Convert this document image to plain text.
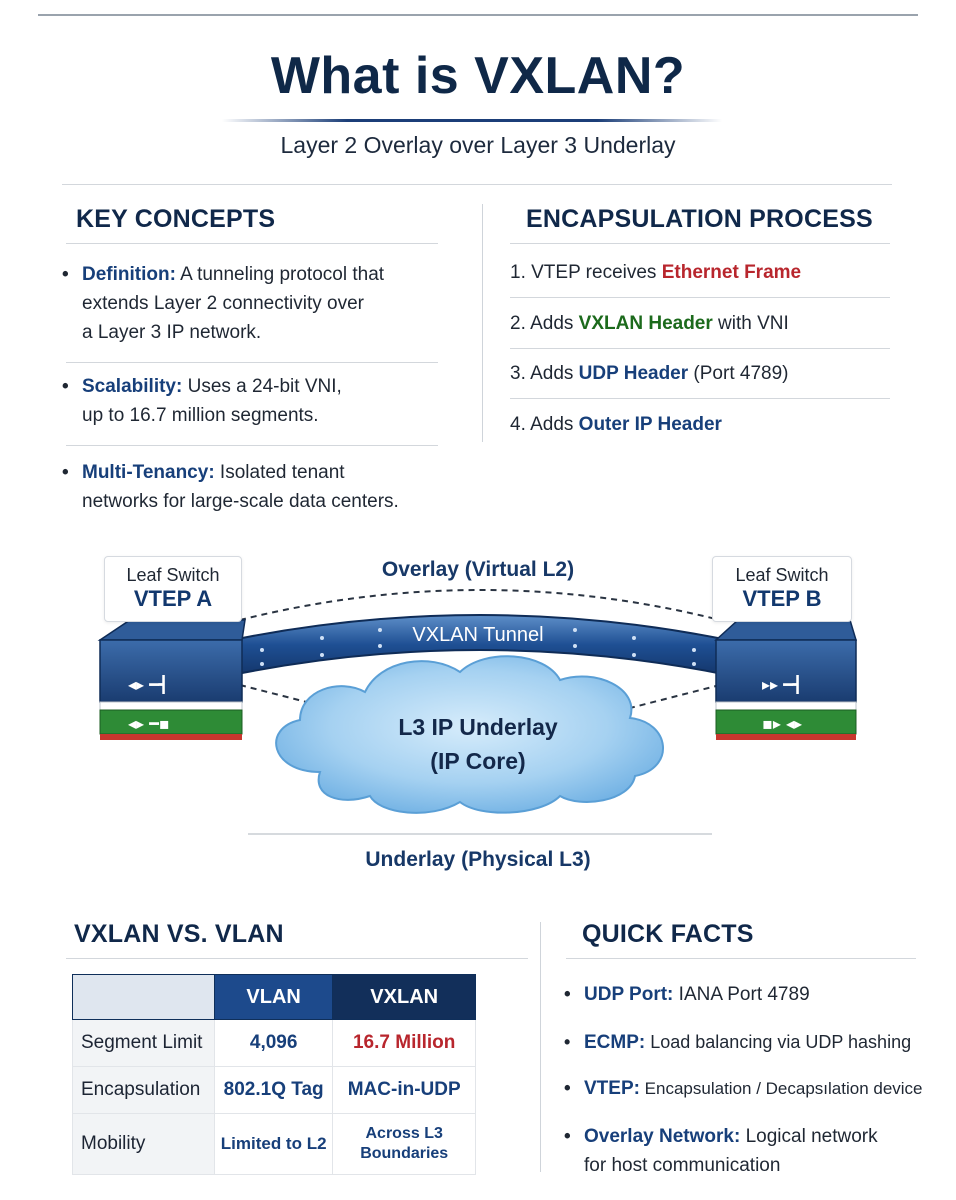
What is VXLAN?
Layer 2 Overlay over Layer 3 Underlay
KEY CONCEPTS
• Definition: A tunneling protocol that
extends Layer 2 connectivity over
a Layer 3 IP network.
• Scalability: Uses a 24-bit VNI,
up to 16.7 million segments.
• Multi-Tenancy: Isolated tenant
networks for large-scale data centers.
ENCAPSULATION PROCESS
1. VTEP receives Ethernet Frame
2. Adds VXLAN Header with VNI
3. Adds UDP Header (Port 4789)
4. Adds Outer IP Header
◂▸ ━┫
◂▸ ━▪
▸▸ ━┫
▪▸ ◂▸
Leaf Switch
VTEP A
Leaf Switch
VTEP B
Overlay (Virtual L2)
VXLAN Tunnel
L3 IP Underlay
(IP Core)
Underlay (Physical L3)
VXLAN VS. VLAN
	VLAN	VXLAN
Segment Limit	4,096	16.7 Million
Encapsulation	802.1Q Tag	MAC-in-UDP
Mobility	Limited to L2	Across L3
Boundaries
QUICK FACTS
• UDP Port: IANA Port 4789
• ECMP: Load balancing via UDP hashing
• VTEP: Encapsulation / Decapsılation device
• Overlay Network: Logical network
for host communication
